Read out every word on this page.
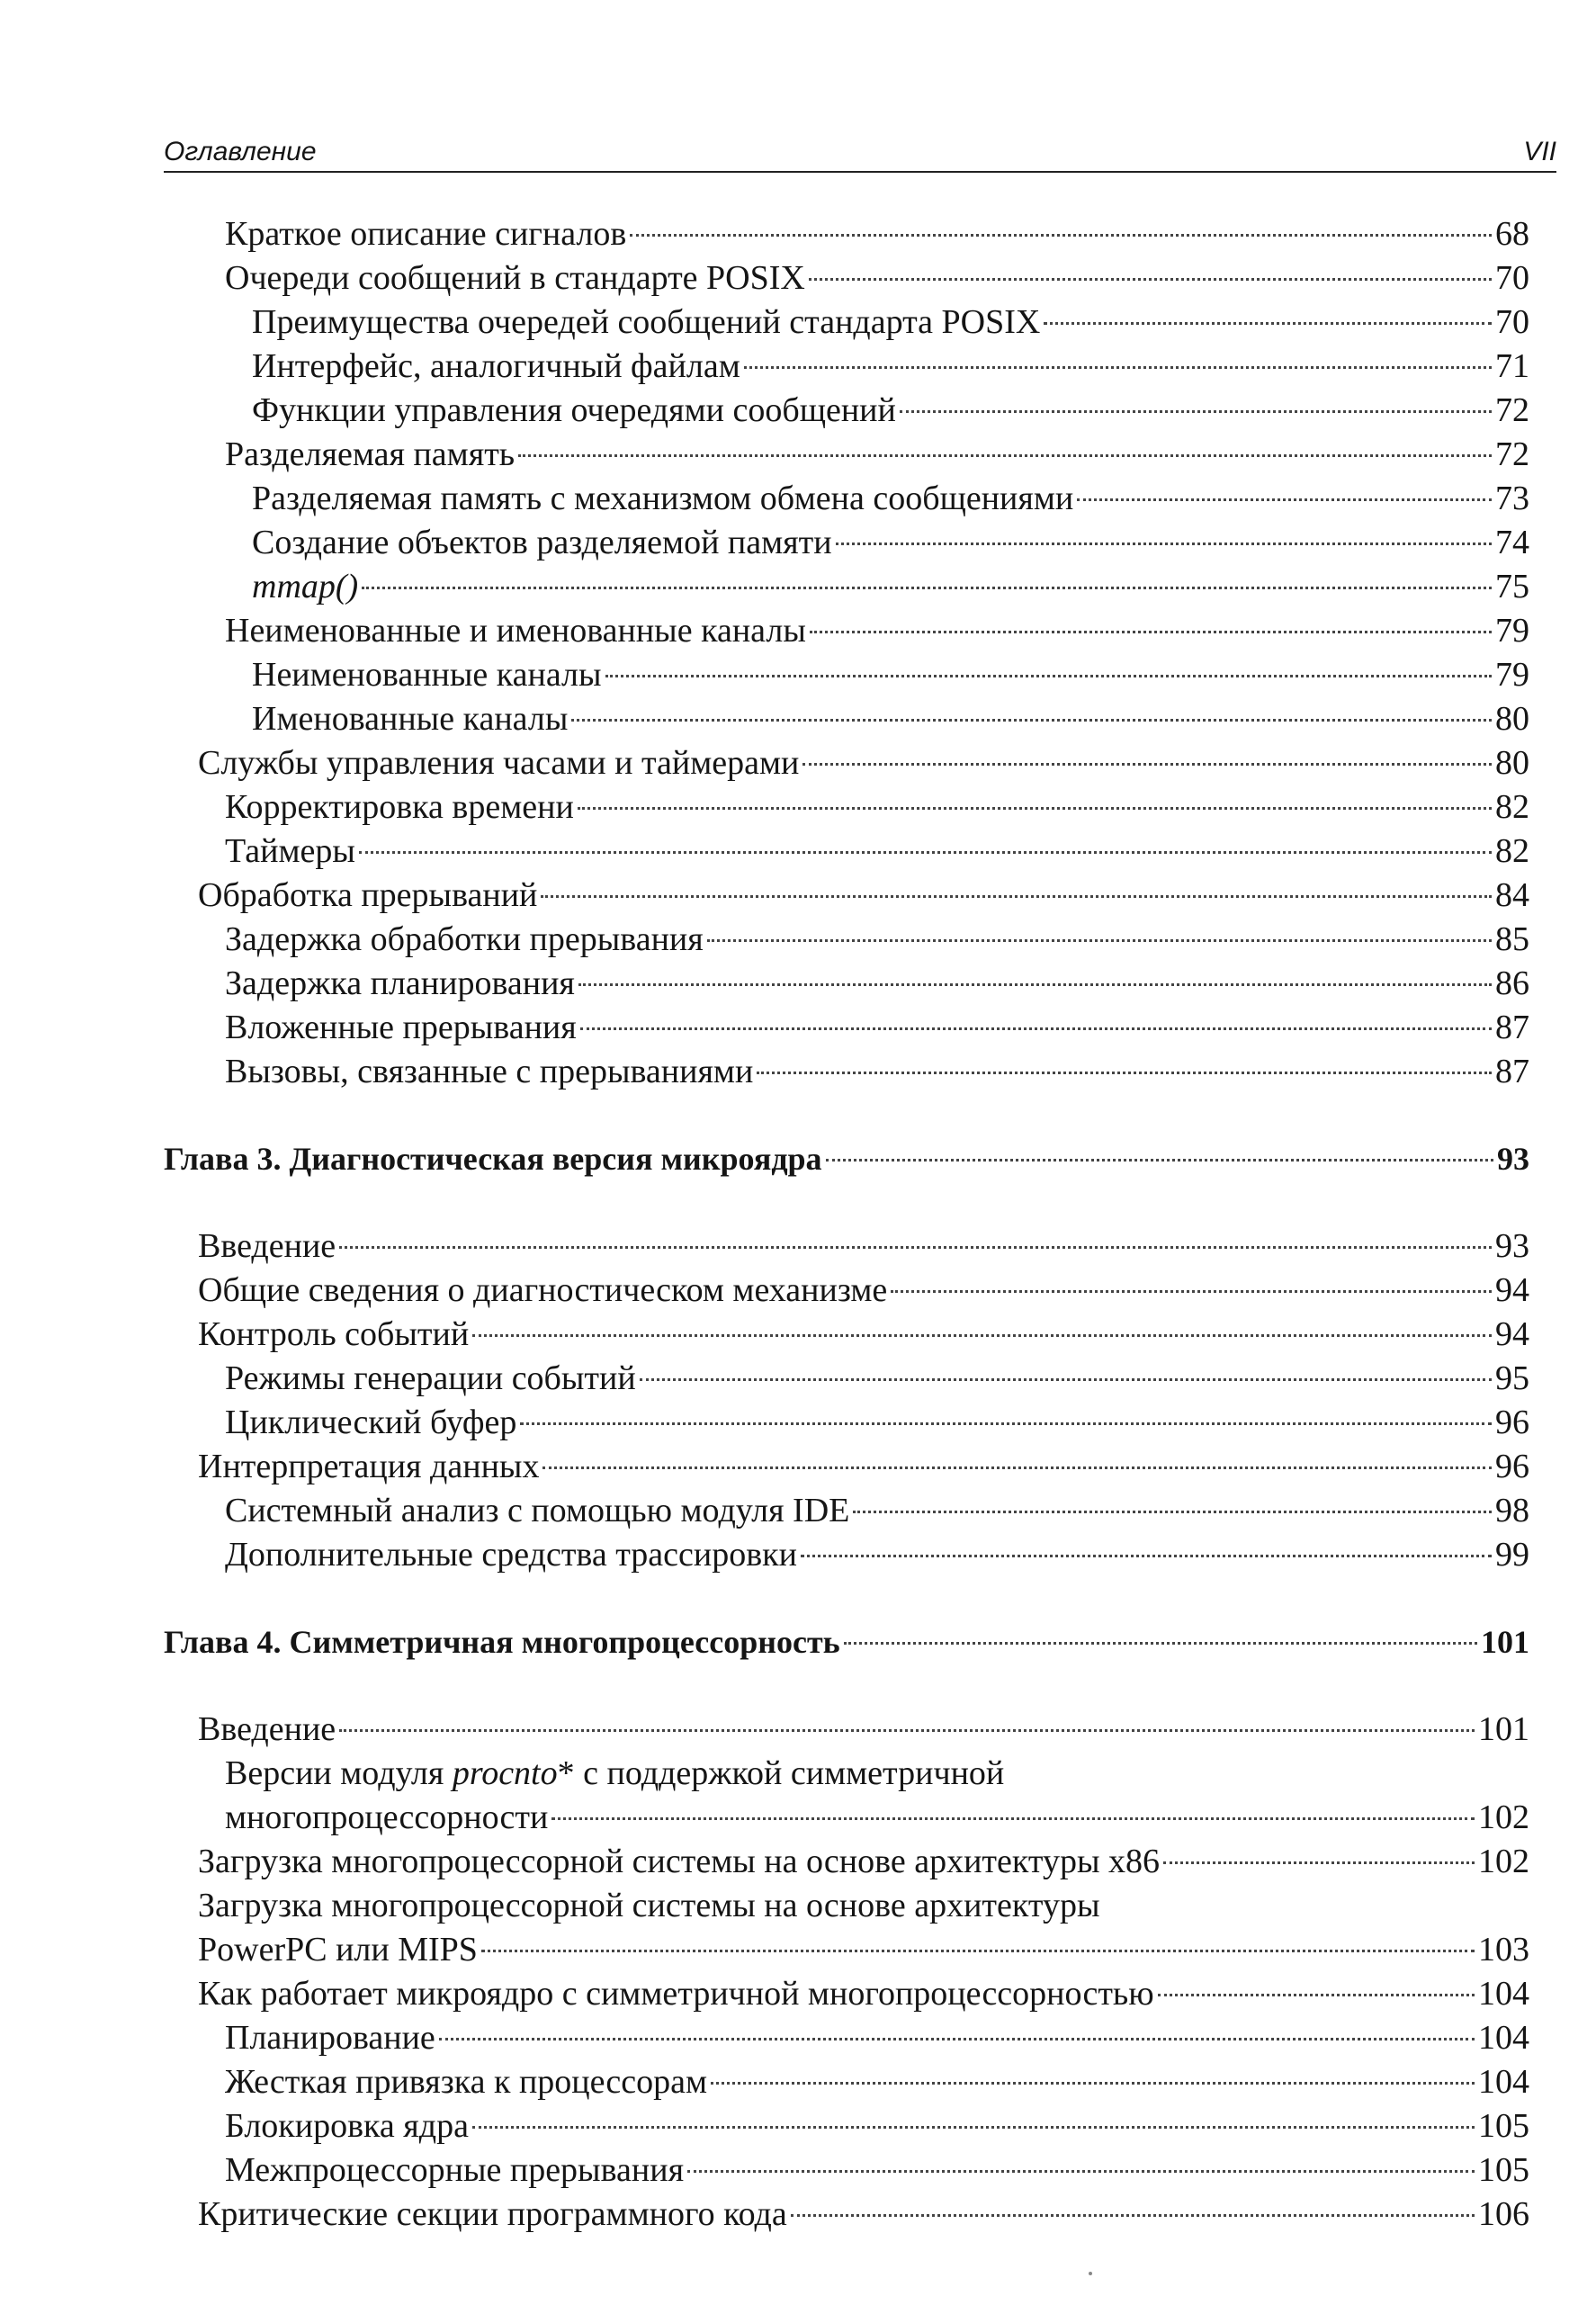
Оглавление	VII
Краткое описание сигналов	68
Очереди сообщений в стандарте POSIX	70
Преимущества очередей сообщений стандарта POSIX	70
Интерфейс, аналогичный файлам	71
Функции управления очередями сообщений	72
Разделяемая память	72
Разделяемая память с механизмом обмена сообщениями	73
Создание объектов разделяемой памяти	74
mmap()	75
Неименованные и именованные каналы	79
Неименованные каналы	79
Именованные каналы	80
Службы управления часами и таймерами	80
Корректировка времени	82
Таймеры	82
Обработка прерываний	84
Задержка обработки прерывания	85
Задержка планирования	86
Вложенные прерывания	87
Вызовы, связанные с прерываниями	87
Глава 3. Диагностическая версия микроядра	93
Введение	93
Общие сведения о диагностическом механизме	94
Контроль событий	94
Режимы генерации событий	95
Циклический буфер	96
Интерпретация данных	96
Системный анализ с помощью модуля IDE	98
Дополнительные средства трассировки	99
Глава 4. Симметричная многопроцессорность	101
Введение	101
Версии модуля procnto* с поддержкой симметричной
многопроцессорности	102
Загрузка многопроцессорной системы на основе архитектуры x86	102
Загрузка многопроцессорной системы на основе архитектуры
PowerPC или MIPS	103
Как работает микроядро с симметричной многопроцессорностью	104
Планирование	104
Жесткая привязка к процессорам	104
Блокировка ядра	105
Межпроцессорные прерывания	105
Критические секции программного кода	106
